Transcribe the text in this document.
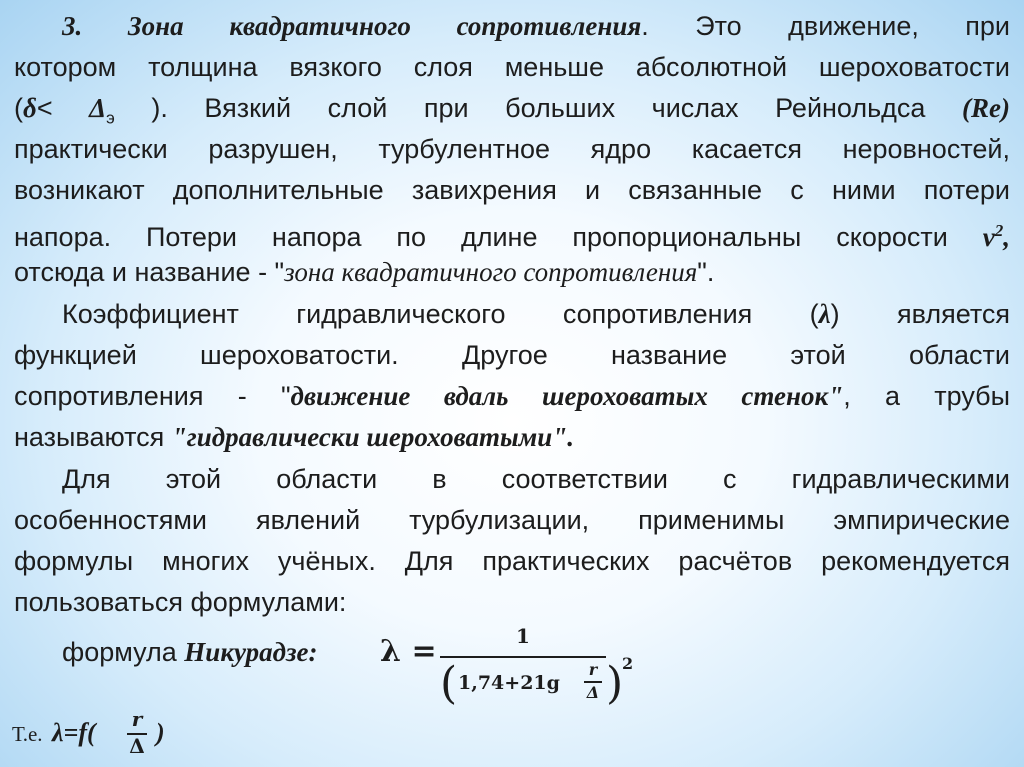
3. Зона квадратичного сопротивления. Это движение, при
котором толщина вязкого слоя меньше абсолютной шероховатости
($\delta< \Delta_э$ ). Вязкий слой при больших числах Рейнольдса (Re)
практически разрушен, турбулентное ядро касается неровностей,
возникают дополнительные завихрения и связанные с ними потери
напора. Потери напора по длине пропорциональны скорости $v^2$,
отсюда и название - "зона квадратичного сопротивления".
Коэффициент гидравлического сопротивления (λ) является
функцией шероховатости. Другое название этой области
сопротивления - "движение вдаль шероховатых стенок", а трубы
называются "гидравлически шероховатыми".
Для этой области в соответствии с гидравлическими
особенностями явлений турбулизации, применимы эмпирические
формулы многих учёных. Для практических расчётов рекомендуется
пользоваться формулами:
формула Никурадзе: λ =	1
( 1,74+21g
r
Δ )
2
Т.е. λ=f(	r
Δ )
